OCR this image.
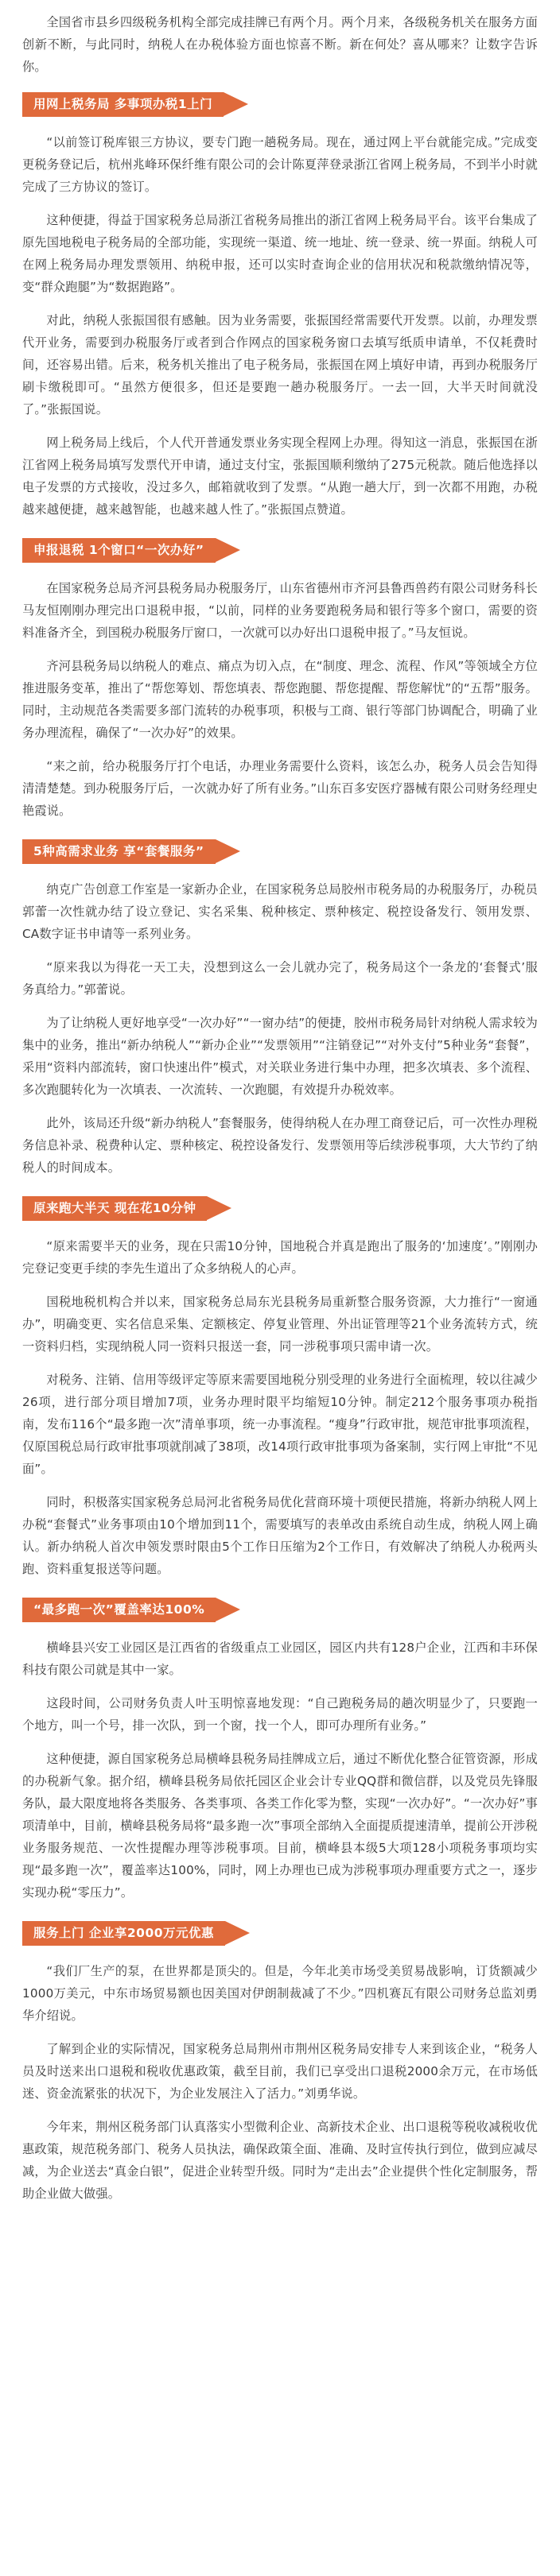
全国省市县乡四级税务机构全部完成挂牌已有两个月。两个月来，各级税务机关在服务方面创新不断，与此同时，纳税人在办税体验方面也惊喜不断。新在何处？喜从哪来？让数字告诉你。

用网上税务局 多事项办税1上门

“以前签订税库银三方协议，要专门跑一趟税务局。现在，通过网上平台就能完成。”完成变更税务登记后，杭州兆峰环保纤维有限公司的会计陈夏萍登录浙江省网上税务局，不到半小时就完成了三方协议的签订。

这种便捷，得益于国家税务总局浙江省税务局推出的浙江省网上税务局平台。该平台集成了原先国地税电子税务局的全部功能，实现统一渠道、统一地址、统一登录、统一界面。纳税人可在网上税务局办理发票领用、纳税申报，还可以实时查询企业的信用状况和税款缴纳情况等，变“群众跑腿”为“数据跑路”。

对此，纳税人张振国很有感触。因为业务需要，张振国经常需要代开发票。以前，办理发票代开业务，需要到办税服务厅或者到合作网点的国家税务窗口去填写纸质申请单，不仅耗费时间，还容易出错。后来，税务机关推出了电子税务局，张振国在网上填好申请，再到办税服务厅刷卡缴税即可。“虽然方便很多，但还是要跑一趟办税服务厅。一去一回，大半天时间就没了。”张振国说。

网上税务局上线后，个人代开普通发票业务实现全程网上办理。得知这一消息，张振国在浙江省网上税务局填写发票代开申请，通过支付宝，张振国顺利缴纳了275元税款。随后他选择以电子发票的方式接收，没过多久，邮箱就收到了发票。“从跑一趟大厅，到一次都不用跑，办税越来越便捷，越来越智能，也越来越人性了。”张振国点赞道。

申报退税 1个窗口“一次办好”

在国家税务总局齐河县税务局办税服务厅，山东省德州市齐河县鲁西兽药有限公司财务科长马友恒刚刚办理完出口退税申报，“以前，同样的业务要跑税务局和银行等多个窗口，需要的资料准备齐全，到国税办税服务厅窗口，一次就可以办好出口退税申报了。”马友恒说。

齐河县税务局以纳税人的难点、痛点为切入点，在“制度、理念、流程、作风”等领域全方位推进服务变革，推出了“帮您筹划、帮您填表、帮您跑腿、帮您提醒、帮您解忧”的“五帮”服务。同时，主动规范各类需要多部门流转的办税事项，积极与工商、银行等部门协调配合，明确了业务办理流程，确保了“一次办好”的效果。

“来之前，给办税服务厅打个电话，办理业务需要什么资料，该怎么办，税务人员会告知得清清楚楚。到办税服务厅后，一次就办好了所有业务。”山东百多安医疗器械有限公司财务经理史艳霞说。

5种高需求业务 享“套餐服务”

纳克广告创意工作室是一家新办企业，在国家税务总局胶州市税务局的办税服务厅，办税员郭蕾一次性就办结了设立登记、实名采集、税种核定、票种核定、税控设备发行、领用发票、CA数字证书申请等一系列业务。

“原来我以为得花一天工夫，没想到这么一会儿就办完了，税务局这个一条龙的‘套餐式’服务真给力。”郭蕾说。

为了让纳税人更好地享受“一次办好”“一窗办结”的便捷，胶州市税务局针对纳税人需求较为集中的业务，推出“新办纳税人”“新办企业”“发票领用”“注销登记”“对外支付”5种业务“套餐”，采用“资料内部流转，窗口快速出件”模式，对关联业务进行集中办理，把多次填表、多个流程、多次跑腿转化为一次填表、一次流转、一次跑腿，有效提升办税效率。

此外，该局还升级“新办纳税人”套餐服务，使得纳税人在办理工商登记后，可一次性办理税务信息补录、税费种认定、票种核定、税控设备发行、发票领用等后续涉税事项，大大节约了纳税人的时间成本。

原来跑大半天 现在花10分钟

“原来需要半天的业务，现在只需10分钟，国地税合并真是跑出了服务的‘加速度’。”刚刚办完登记变更手续的李先生道出了众多纳税人的心声。

国税地税机构合并以来，国家税务总局东光县税务局重新整合服务资源，大力推行“一窗通办”，明确变更、实名信息采集、定额核定、停复业管理、外出证管理等21个业务流转方式，统一资料归档，实现纳税人同一资料只报送一套，同一涉税事项只需申请一次。

对税务、注销、信用等级评定等原来需要国地税分别受理的业务进行全面梳理，较以往减少26项，进行部分项目增加7项，业务办理时限平均缩短10分钟。制定212个服务事项办税指南，发布116个“最多跑一次”清单事项，统一办事流程。“瘦身”行政审批，规范审批事项流程，仅原国税总局行政审批事项就削减了38项，改14项行政审批事项为备案制，实行网上审批“不见面”。

同时，积极落实国家税务总局河北省税务局优化营商环境十项便民措施，将新办纳税人网上办税“套餐式”业务事项由10个增加到11个，需要填写的表单改由系统自动生成，纳税人网上确认。新办纳税人首次申领发票时限由5个工作日压缩为2个工作日，有效解决了纳税人办税两头跑、资料重复报送等问题。

“最多跑一次”覆盖率达100%

横峰县兴安工业园区是江西省的省级重点工业园区，园区内共有128户企业，江西和丰环保科技有限公司就是其中一家。

这段时间，公司财务负责人叶玉明惊喜地发现：“自己跑税务局的趟次明显少了，只要跑一个地方，叫一个号，排一次队，到一个窗，找一个人，即可办理所有业务。”

这种便捷，源自国家税务总局横峰县税务局挂牌成立后，通过不断优化整合征管资源，形成的办税新气象。据介绍，横峰县税务局依托园区企业会计专业QQ群和微信群，以及党员先锋服务队，最大限度地将各类服务、各类事项、各类工作化零为整，实现“一次办好”。“一次办好”事项清单中，目前，横峰县税务局将“最多跑一次”事项全部纳入全面提质提速清单，提前公开涉税业务服务规范、一次性提醒办理等涉税事项。目前，横峰县本级5大项128小项税务事项均实现“最多跑一次”，覆盖率达100%，同时，网上办理也已成为涉税事项办理重要方式之一，逐步实现办税“零压力”。

服务上门 企业享2000万元优惠

“我们厂生产的泵，在世界都是顶尖的。但是，今年北美市场受美贸易战影响，订货额减少1000万美元，中东市场贸易额也因美国对伊朗制裁减了不少。”四机赛瓦有限公司财务总监刘勇华介绍说。

了解到企业的实际情况，国家税务总局荆州市荆州区税务局安排专人来到该企业，“税务人员及时送来出口退税和税收优惠政策，截至目前，我们已享受出口退税2000余万元，在市场低迷、资金流紧张的状况下，为企业发展注入了活力。”刘勇华说。

今年来，荆州区税务部门认真落实小型微利企业、高新技术企业、出口退税等税收减税收优惠政策，规范税务部门、税务人员执法，确保政策全面、准确、及时宣传执行到位，做到应减尽减，为企业送去“真金白银”，促进企业转型升级。同时为“走出去”企业提供个性化定制服务，帮助企业做大做强。
